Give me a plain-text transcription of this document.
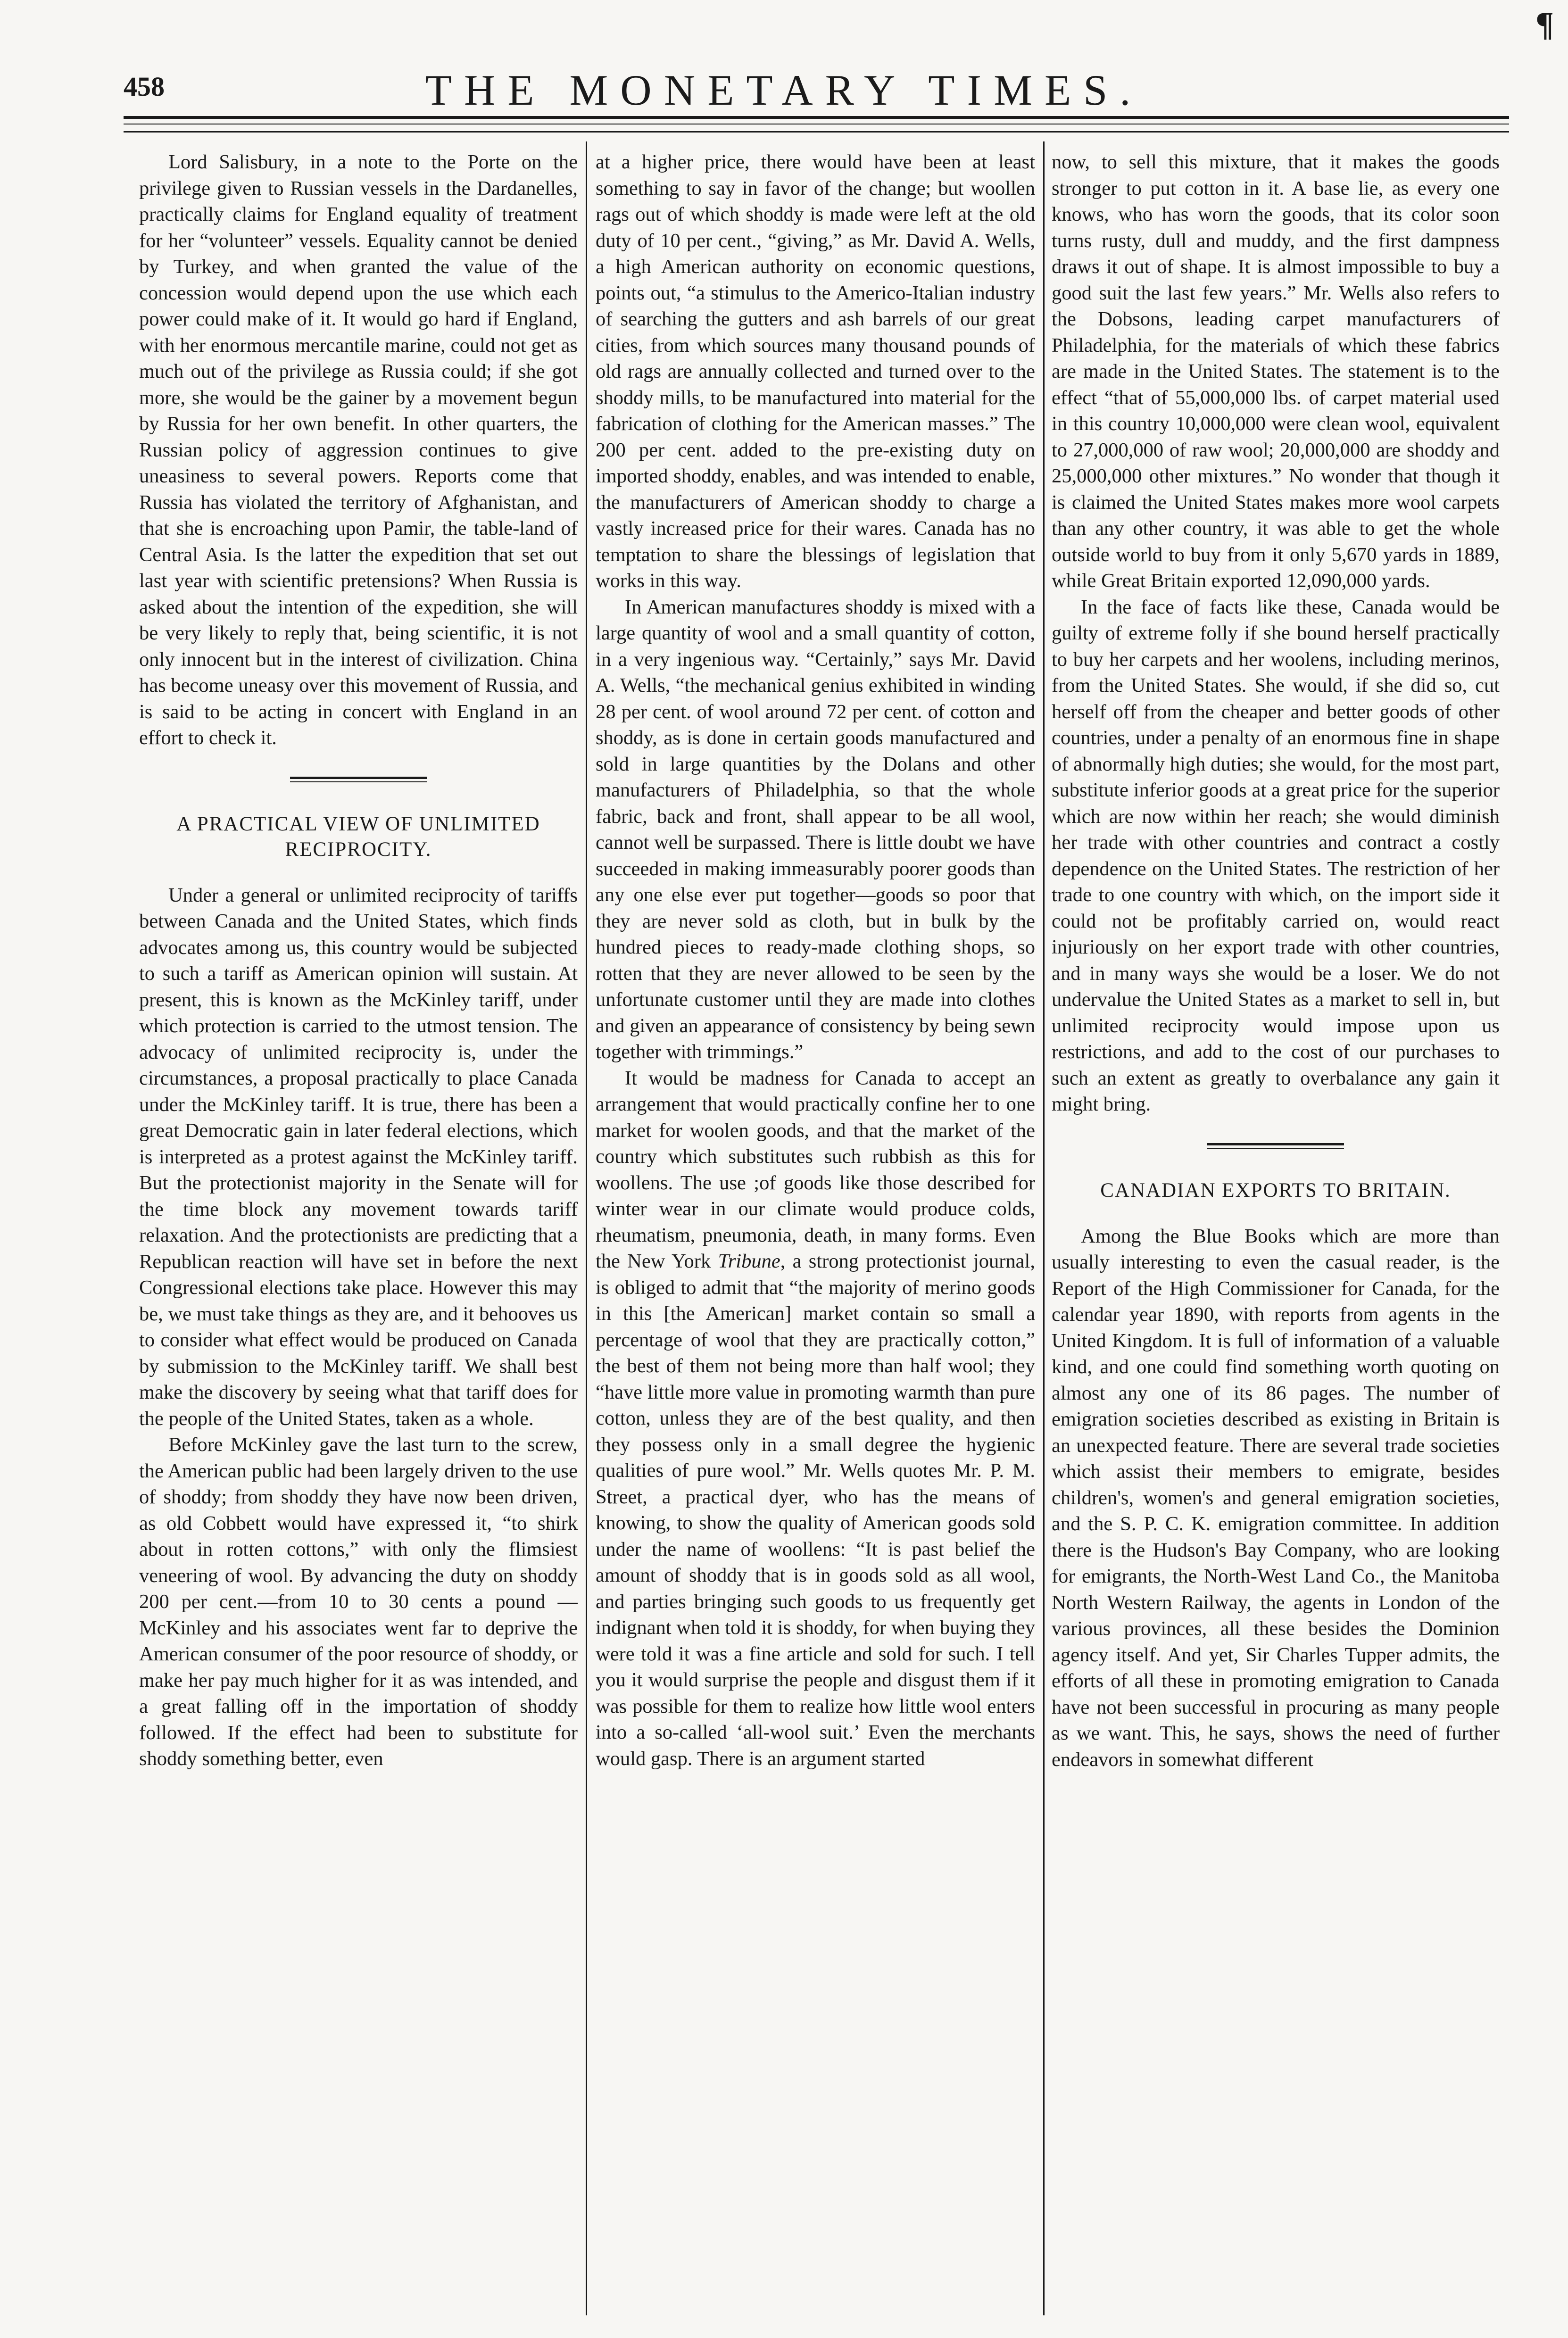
¶
458	THE MONETARY TIMES.

Lord Salisbury, in a note to the Porte on the privilege given to Russian vessels in the Dardanelles, practically claims for England equality of treatment for her “volunteer” vessels. Equality cannot be denied by Turkey, and when granted the value of the concession would depend upon the use which each power could make of it. It would go hard if England, with her enormous mercantile marine, could not get as much out of the privilege as Russia could; if she got more, she would be the gainer by a movement begun by Russia for her own benefit. In other quarters, the Russian policy of aggression continues to give uneasiness to several powers. Reports come that Russia has violated the territory of Afghanistan, and that she is encroaching upon Pamir, the table-land of Central Asia. Is the latter the expedition that set out last year with scientific pretensions? When Russia is asked about the intention of the expedition, she will be very likely to reply that, being scientific, it is not only innocent but in the interest of civilization. China has become uneasy over this movement of Russia, and is said to be acting in concert with England in an effort to check it.

A PRACTICAL VIEW OF UNLIMITED RECIPROCITY.

Under a general or unlimited reciprocity of tariffs between Canada and the United States, which finds advocates among us, this country would be subjected to such a tariff as American opinion will sustain. At present, this is known as the McKinley tariff, under which protection is carried to the utmost tension. The advocacy of unlimited reciprocity is, under the circumstances, a proposal practically to place Canada under the McKinley tariff. It is true, there has been a great Democratic gain in later federal elections, which is interpreted as a protest against the McKinley tariff. But the protectionist majority in the Senate will for the time block any movement towards tariff relaxation. And the protectionists are predicting that a Republican reaction will have set in before the next Congressional elections take place. However this may be, we must take things as they are, and it behooves us to consider what effect would be produced on Canada by submission to the McKinley tariff. We shall best make the discovery by seeing what that tariff does for the people of the United States, taken as a whole.

Before McKinley gave the last turn to the screw, the American public had been largely driven to the use of shoddy; from shoddy they have now been driven, as old Cobbett would have expressed it, “to shirk about in rotten cottons,” with only the flimsiest veneering of wool. By advancing the duty on shoddy 200 per cent.—from 10 to 30 cents a pound —McKinley and his associates went far to deprive the American consumer of the poor resource of shoddy, or make her pay much higher for it as was intended, and a great falling off in the importation of shoddy followed. If the effect had been to substitute for shoddy something better, even

at a higher price, there would have been at least something to say in favor of the change; but woollen rags out of which shoddy is made were left at the old duty of 10 per cent., “giving,” as Mr. David A. Wells, a high American authority on economic questions, points out, “a stimulus to the Americo-Italian industry of searching the gutters and ash barrels of our great cities, from which sources many thousand pounds of old rags are annually collected and turned over to the shoddy mills, to be manufactured into material for the fabrication of clothing for the American masses.” The 200 per cent. added to the pre-existing duty on imported shoddy, enables, and was intended to enable, the manufacturers of American shoddy to charge a vastly increased price for their wares. Canada has no temptation to share the blessings of legislation that works in this way.

In American manufactures shoddy is mixed with a large quantity of wool and a small quantity of cotton, in a very ingenious way. “Certainly,” says Mr. David A. Wells, “the mechanical genius exhibited in winding 28 per cent. of wool around 72 per cent. of cotton and shoddy, as is done in certain goods manufactured and sold in large quantities by the Dolans and other manufacturers of Philadelphia, so that the whole fabric, back and front, shall appear to be all wool, cannot well be surpassed. There is little doubt we have succeeded in making immeasurably poorer goods than any one else ever put together—goods so poor that they are never sold as cloth, but in bulk by the hundred pieces to ready-made clothing shops, so rotten that they are never allowed to be seen by the unfortunate customer until they are made into clothes and given an appearance of consistency by being sewn together with trimmings.”

It would be madness for Canada to accept an arrangement that would practically confine her to one market for woolen goods, and that the market of the country which substitutes such rubbish as this for woollens. The use ;of goods like those described for winter wear in our climate would produce colds, rheumatism, pneumonia, death, in many forms. Even the New York Tribune, a strong protectionist journal, is obliged to admit that “the majority of merino goods in this [the American] market contain so small a percentage of wool that they are practically cotton,” the best of them not being more than half wool; they “have little more value in promoting warmth than pure cotton, unless they are of the best quality, and then they possess only in a small degree the hygienic qualities of pure wool.” Mr. Wells quotes Mr. P. M. Street, a practical dyer, who has the means of knowing, to show the quality of American goods sold under the name of woollens: “It is past belief the amount of shoddy that is in goods sold as all wool, and parties bringing such goods to us frequently get indignant when told it is shoddy, for when buying they were told it was a fine article and sold for such. I tell you it would surprise the people and disgust them if it was possible for them to realize how little wool enters into a so-called ‘all-wool suit.’ Even the merchants would gasp. There is an argument started

now, to sell this mixture, that it makes the goods stronger to put cotton in it. A base lie, as every one knows, who has worn the goods, that its color soon turns rusty, dull and muddy, and the first dampness draws it out of shape. It is almost impossible to buy a good suit the last few years.” Mr. Wells also refers to the Dobsons, leading carpet manufacturers of Philadelphia, for the materials of which these fabrics are made in the United States. The statement is to the effect “that of 55,000,000 lbs. of carpet material used in this country 10,000,000 were clean wool, equivalent to 27,000,000 of raw wool; 20,000,000 are shoddy and 25,000,000 other mixtures.” No wonder that though it is claimed the United States makes more wool carpets than any other country, it was able to get the whole outside world to buy from it only 5,670 yards in 1889, while Great Britain exported 12,090,000 yards.

In the face of facts like these, Canada would be guilty of extreme folly if she bound herself practically to buy her carpets and her woolens, including merinos, from the United States. She would, if she did so, cut herself off from the cheaper and better goods of other countries, under a penalty of an enormous fine in shape of abnormally high duties; she would, for the most part, substitute inferior goods at a great price for the superior which are now within her reach; she would diminish her trade with other countries and contract a costly dependence on the United States. The restriction of her trade to one country with which, on the import side it could not be profitably carried on, would react injuriously on her export trade with other countries, and in many ways she would be a loser. We do not undervalue the United States as a market to sell in, but unlimited reciprocity would impose upon us restrictions, and add to the cost of our purchases to such an extent as greatly to overbalance any gain it might bring.

CANADIAN EXPORTS TO BRITAIN.

Among the Blue Books which are more than usually interesting to even the casual reader, is the Report of the High Commissioner for Canada, for the calendar year 1890, with reports from agents in the United Kingdom. It is full of information of a valuable kind, and one could find something worth quoting on almost any one of its 86 pages. The number of emigration societies described as existing in Britain is an unexpected feature. There are several trade societies which assist their members to emigrate, besides children's, women's and general emigration societies, and the S. P. C. K. emigration committee. In addition there is the Hudson's Bay Company, who are looking for emigrants, the North-West Land Co., the Manitoba North Western Railway, the agents in London of the various provinces, all these besides the Dominion agency itself. And yet, Sir Charles Tupper admits, the efforts of all these in promoting emigration to Canada have not been successful in procuring as many people as we want. This, he says, shows the need of further endeavors in somewhat different
